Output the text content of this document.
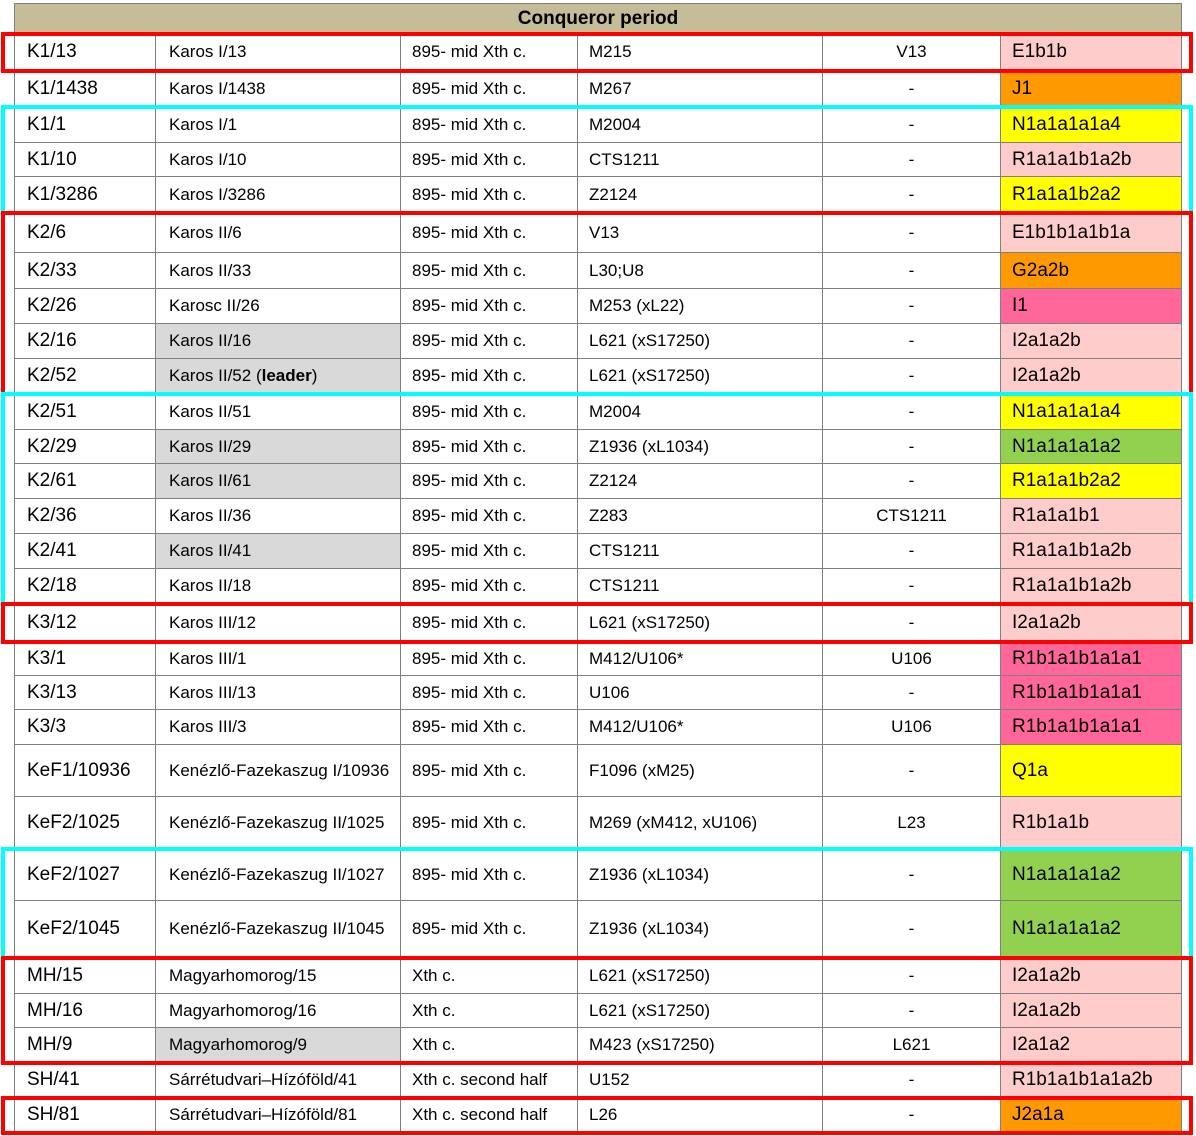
Conqueror period
K1/13	Karos I/13	895- mid Xth c.	M215	V13	E1b1b
K1/1438	Karos I/1438	895- mid Xth c.	M267	-	J1
K1/1	Karos I/1	895- mid Xth c.	M2004	-	N1a1a1a1a4
K1/10	Karos I/10	895- mid Xth c.	CTS1211	-	R1a1a1b1a2b
K1/3286	Karos I/3286	895- mid Xth c.	Z2124	-	R1a1a1b2a2
K2/6	Karos II/6	895- mid Xth c.	V13	-	E1b1b1a1b1a
K2/33	Karos II/33	895- mid Xth c.	L30;U8	-	G2a2b
K2/26	Karosc II/26	895- mid Xth c.	M253 (xL22)	-	I1
K2/16	Karos II/16	895- mid Xth c.	L621 (xS17250)	-	I2a1a2b
K2/52	Karos II/52 ( leader )	895- mid Xth c.	L621 (xS17250)	-	I2a1a2b
K2/51	Karos II/51	895- mid Xth c.	M2004	-	N1a1a1a1a4
K2/29	Karos II/29	895- mid Xth c.	Z1936 (xL1034)	-	N1a1a1a1a2
K2/61	Karos II/61	895- mid Xth c.	Z2124	-	R1a1a1b2a2
K2/36	Karos II/36	895- mid Xth c.	Z283	CTS1211	R1a1a1b1
K2/41	Karos II/41	895- mid Xth c.	CTS1211	-	R1a1a1b1a2b
K2/18	Karos II/18	895- mid Xth c.	CTS1211	-	R1a1a1b1a2b
K3/12	Karos III/12	895- mid Xth c.	L621 (xS17250)	-	I2a1a2b
K3/1	Karos III/1	895- mid Xth c.	M412/U106*	U106	R1b1a1b1a1a1
K3/13	Karos III/13	895- mid Xth c.	U106	-	R1b1a1b1a1a1
K3/3	Karos III/3	895- mid Xth c.	M412/U106*	U106	R1b1a1b1a1a1
KeF1/10936	Kenézlő-Fazekaszug I/10936	895- mid Xth c.	F1096 (xM25)	-	Q1a
KeF2/1025	Kenézlő-Fazekaszug II/1025	895- mid Xth c.	M269 (xM412, xU106)	L23	R1b1a1b
KeF2/1027	Kenézlő-Fazekaszug II/1027	895- mid Xth c.	Z1936 (xL1034)	-	N1a1a1a1a2
KeF2/1045	Kenézlő-Fazekaszug II/1045	895- mid Xth c.	Z1936 (xL1034)	-	N1a1a1a1a2
MH/15	Magyarhomorog/15	Xth c.	L621 (xS17250)	-	I2a1a2b
MH/16	Magyarhomorog/16	Xth c.	L621 (xS17250)	-	I2a1a2b
MH/9	Magyarhomorog/9	Xth c.	M423 (xS17250)	L621	I2a1a2
SH/41	Sárrétudvari–Hízóföld/41	Xth c. second half	U152	-	R1b1a1b1a1a2b
SH/81	Sárrétudvari–Hízóföld/81	Xth c. second half	L26	-	J2a1a
